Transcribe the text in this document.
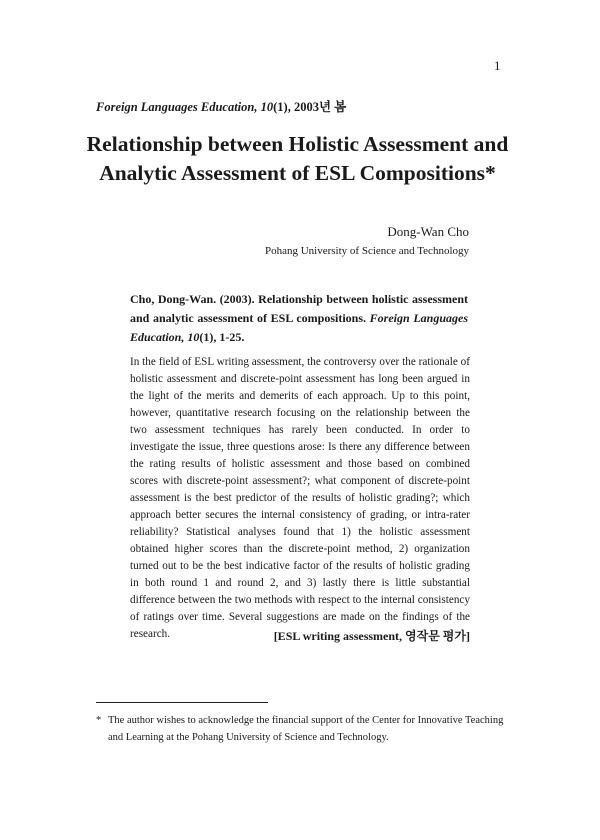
1
Foreign Languages Education, 10(1), 2003년 봄
Relationship between Holistic Assessment and
Analytic Assessment of ESL Compositions*
Dong-Wan Cho
Pohang University of Science and Technology
Cho, Dong-Wan. (2003). Relationship between holistic assessment and analytic assessment of ESL compositions. Foreign Languages Education, 10(1), 1-25.
In the field of ESL writing assessment, the controversy over the rationale of holistic assessment and discrete-point assessment has long been argued in the light of the merits and demerits of each approach. Up to this point, however, quantitative research focusing on the relationship between the two assessment techniques has rarely been conducted. In order to investigate the issue, three questions arose: Is there any difference between the rating results of holistic assessment and those based on combined scores with discrete-point assessment?; what component of discrete-point assessment is the best predictor of the results of holistic grading?; which approach better secures the internal consistency of grading, or intra-rater reliability? Statistical analyses found that 1) the holistic assessment obtained higher scores than the discrete-point method, 2) organization turned out to be the best indicative factor of the results of holistic grading in both round 1 and round 2, and 3) lastly there is little substantial difference between the two methods with respect to the internal consistency of ratings over time. Several suggestions are made on the findings of the research.	[ESL writing assessment, 영작문 평가]
* The author wishes to acknowledge the financial support of the Center for Innovative Teaching and Learning at the Pohang University of Science and Technology.
